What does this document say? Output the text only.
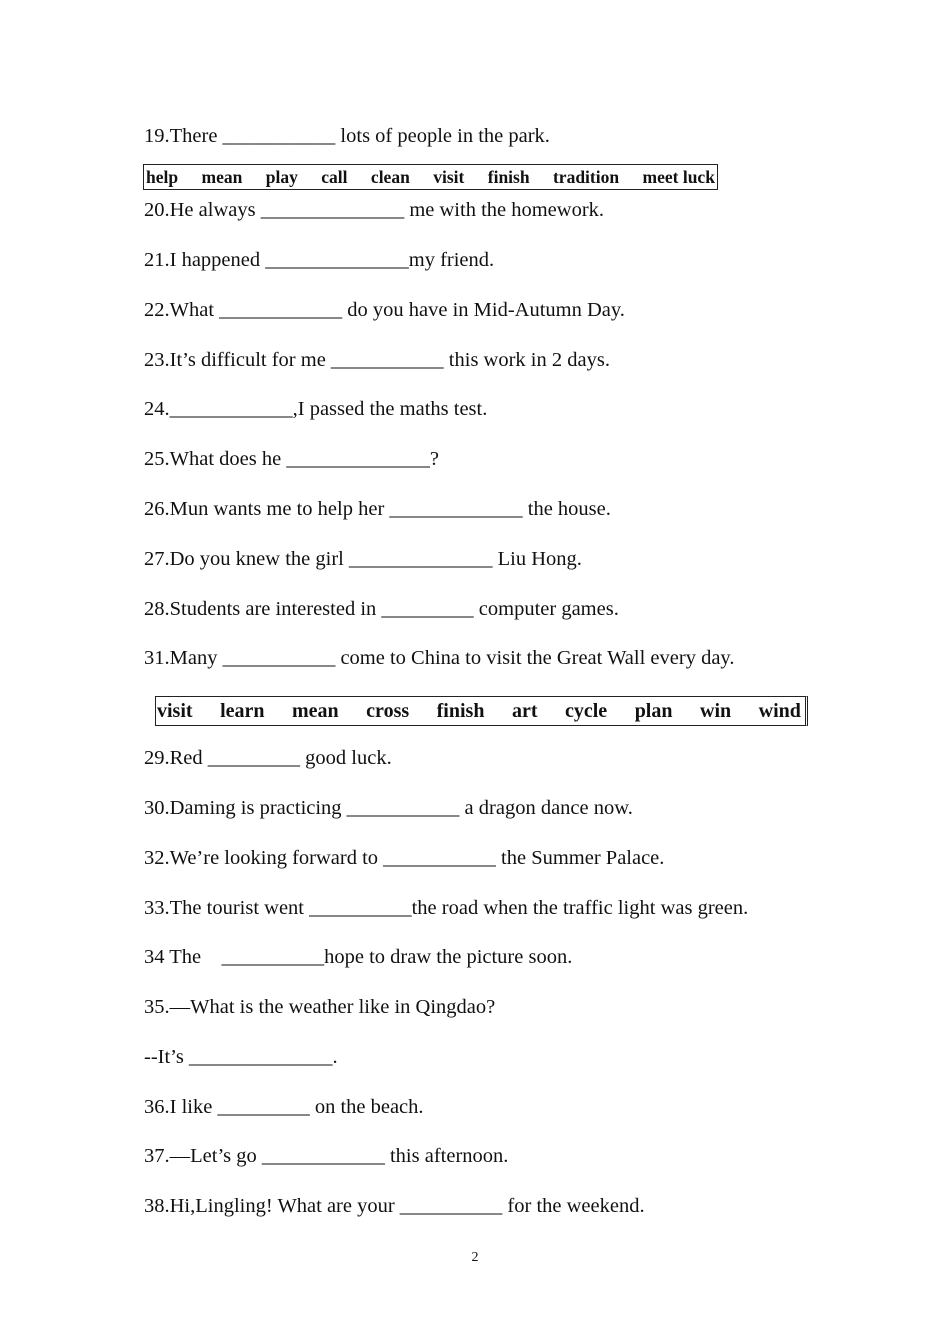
19.There ___________ lots of people in the park.
help mean play call clean visit finish tradition meet luck
20.He always ______________ me with the homework.
21.I happened ______________my friend.
22.What ____________ do you have in Mid-Autumn Day.
23.It’s difficult for me ___________ this work in 2 days.
24.____________,I passed the maths test.
25.What does he ______________?
26.Mun wants me to help her _____________ the house.
27.Do you knew the girl ______________ Liu Hong.
28.Students are interested in _________ computer games.
31.Many ___________ come to China to visit the Great Wall every day.
visit learn mean cross finish art cycle plan win wind
29.Red _________ good luck.
30.Daming is practicing ___________ a dragon dance now.
32.We’re looking forward to ___________ the Summer Palace.
33.The tourist went __________the road when the traffic light was green.
34 The    __________hope to draw the picture soon.
35.—What is the weather like in Qingdao?
--It’s ______________.
36.I like _________ on the beach.
37.—Let’s go ____________ this afternoon.
38.Hi,Lingling! What are your __________ for the weekend.
2
